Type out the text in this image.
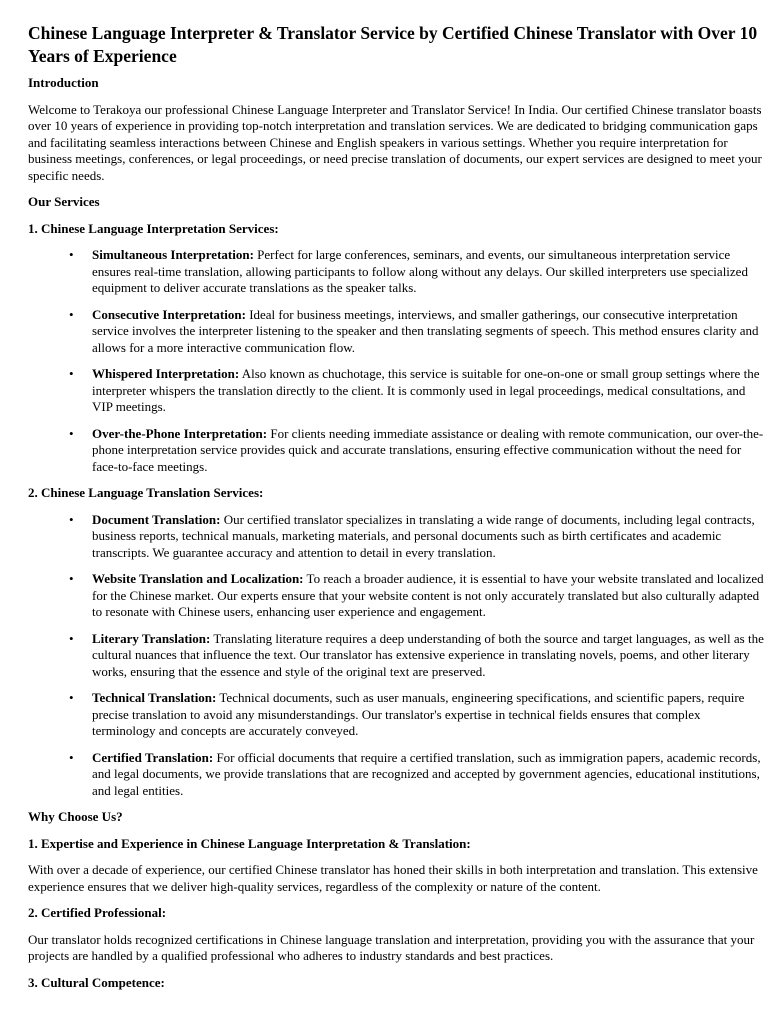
Chinese Language Interpreter & Translator Service by Certified Chinese Translator with Over 10 Years of Experience
Introduction

Welcome to Terakoya our professional Chinese Language Interpreter and Translator Service! In India. Our certified Chinese translator boasts over 10 years of experience in providing top-notch interpretation and translation services. We are dedicated to bridging communication gaps and facilitating seamless interactions between Chinese and English speakers in various settings. Whether you require interpretation for business meetings, conferences, or legal proceedings, or need precise translation of documents, our expert services are designed to meet your specific needs.

Our Services
1. Chinese Language Interpretation Services:
• Simultaneous Interpretation: Perfect for large conferences, seminars, and events, our simultaneous interpretation service ensures real-time translation, allowing participants to follow along without any delays. Our skilled interpreters use specialized equipment to deliver accurate translations as the speaker talks.
• Consecutive Interpretation: Ideal for business meetings, interviews, and smaller gatherings, our consecutive interpretation service involves the interpreter listening to the speaker and then translating segments of speech. This method ensures clarity and allows for a more interactive communication flow.
• Whispered Interpretation: Also known as chuchotage, this service is suitable for one-on-one or small group settings where the interpreter whispers the translation directly to the client. It is commonly used in legal proceedings, medical consultations, and VIP meetings.
• Over-the-Phone Interpretation: For clients needing immediate assistance or dealing with remote communication, our over-the-phone interpretation service provides quick and accurate translations, ensuring effective communication without the need for face-to-face meetings.
2. Chinese Language Translation Services:
• Document Translation: Our certified translator specializes in translating a wide range of documents, including legal contracts, business reports, technical manuals, marketing materials, and personal documents such as birth certificates and academic transcripts. We guarantee accuracy and attention to detail in every translation.
• Website Translation and Localization: To reach a broader audience, it is essential to have your website translated and localized for the Chinese market. Our experts ensure that your website content is not only accurately translated but also culturally adapted to resonate with Chinese users, enhancing user experience and engagement.
• Literary Translation: Translating literature requires a deep understanding of both the source and target languages, as well as the cultural nuances that influence the text. Our translator has extensive experience in translating novels, poems, and other literary works, ensuring that the essence and style of the original text are preserved.
• Technical Translation: Technical documents, such as user manuals, engineering specifications, and scientific papers, require precise translation to avoid any misunderstandings. Our translator's expertise in technical fields ensures that complex terminology and concepts are accurately conveyed.
• Certified Translation: For official documents that require a certified translation, such as immigration papers, academic records, and legal documents, we provide translations that are recognized and accepted by government agencies, educational institutions, and legal entities.
Why Choose Us?
1. Expertise and Experience in Chinese Language Interpretation & Translation:

With over a decade of experience, our certified Chinese translator has honed their skills in both interpretation and translation. This extensive experience ensures that we deliver high-quality services, regardless of the complexity or nature of the content.

2. Certified Professional:

Our translator holds recognized certifications in Chinese language translation and interpretation, providing you with the assurance that your projects are handled by a qualified professional who adheres to industry standards and best practices.

3. Cultural Competence:
